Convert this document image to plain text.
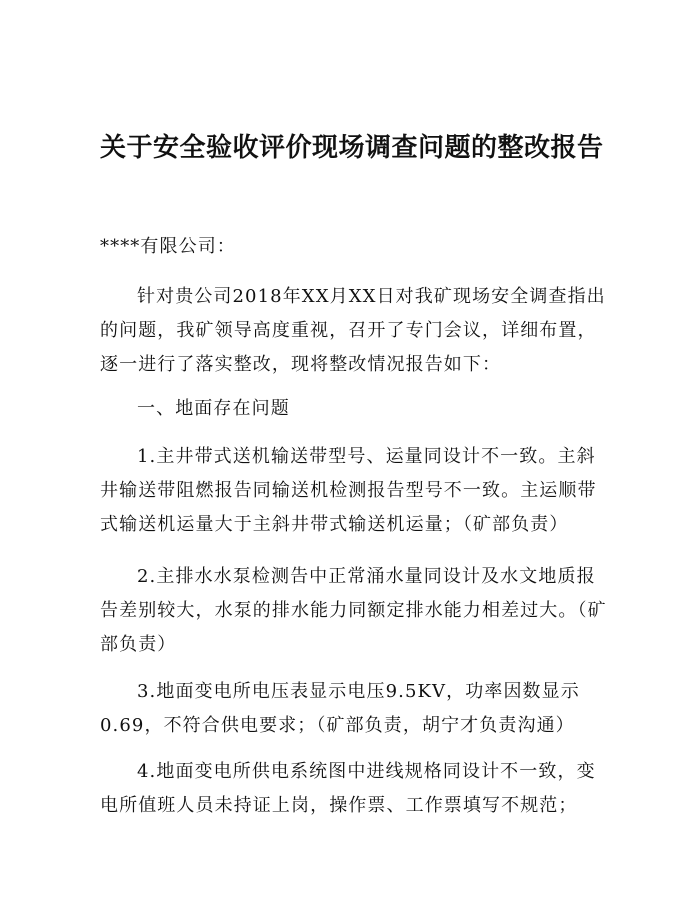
关于安全验收评价现场调查问题的整改报告

****有限公司：

针对贵公司2018年XX月XX日对我矿现场安全调查指出的问题，我矿领导高度重视，召开了专门会议，详细布置，逐一进行了落实整改，现将整改情况报告如下：

一、地面存在问题

1.主井带式送机输送带型号、运量同设计不一致。主斜井输送带阻燃报告同输送机检测报告型号不一致。主运顺带式输送机运量大于主斜井带式输送机运量；（矿部负责）

2.主排水水泵检测告中正常涌水量同设计及水文地质报告差别较大，水泵的排水能力同额定排水能力相差过大。（矿部负责）

3.地面变电所电压表显示电压9.5KV，功率因数显示0.69，不符合供电要求；（矿部负责，胡宁才负责沟通）

4.地面变电所供电系统图中进线规格同设计不一致，变电所值班人员未持证上岗，操作票、工作票填写不规范；
